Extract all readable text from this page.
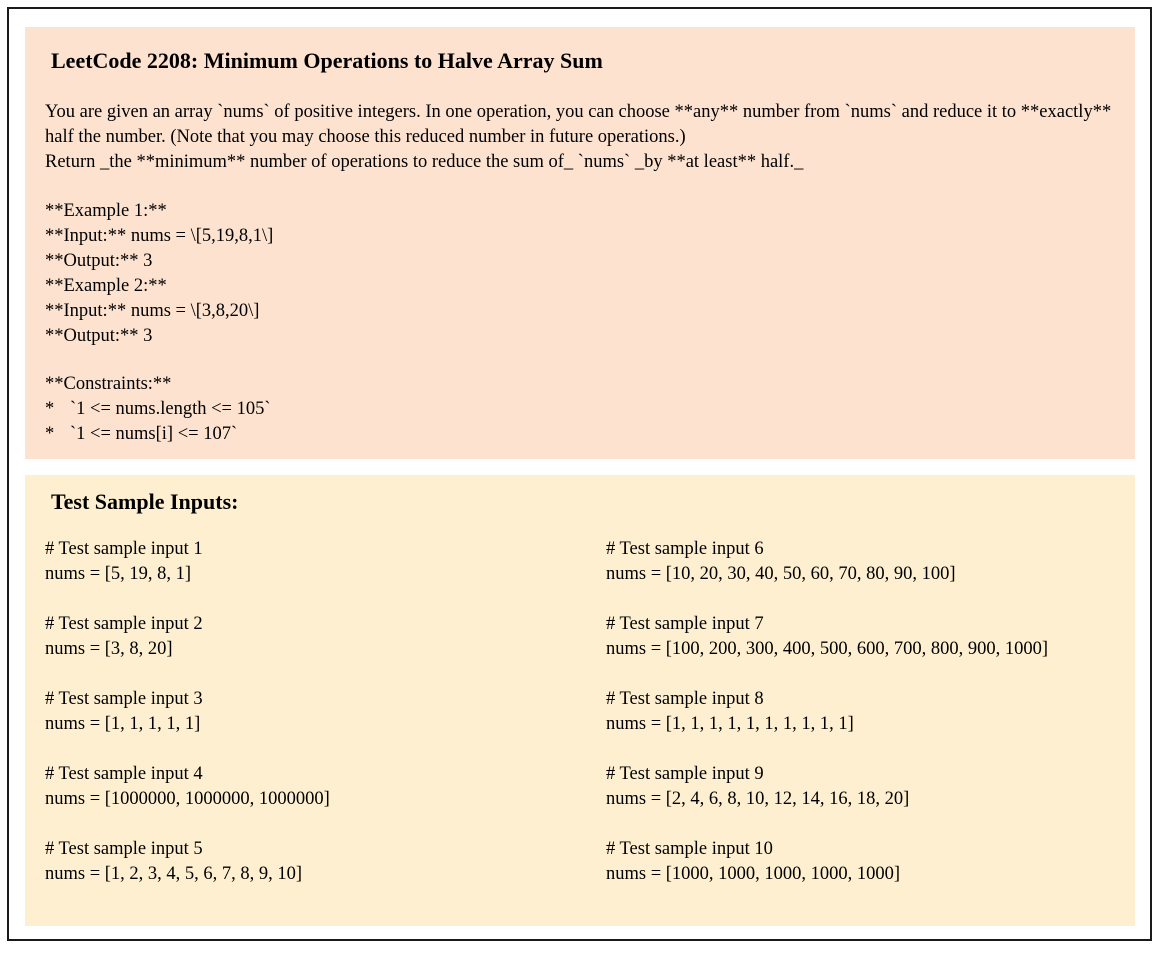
LeetCode 2208: Minimum Operations to Halve Array Sum

You are given an array `nums` of positive integers. In one operation, you can choose **any** number from `nums` and reduce it to **exactly** half the number. (Note that you may choose this reduced number in future operations.)

Return _the **minimum** number of operations to reduce the sum of_ `nums` _by **at least** half._

**Example 1:**
**Input:** nums = \[5,19,8,1\]
**Output:** 3
**Example 2:**
**Input:** nums = \[3,8,20\]
**Output:** 3
**Constraints:**
* `1 <= nums.length <= 105`
* `1 <= nums[i] <= 107`
Test Sample Inputs:
# Test sample input 1
nums = [5, 19, 8, 1]
# Test sample input 2
nums = [3, 8, 20]
# Test sample input 3
nums = [1, 1, 1, 1, 1]
# Test sample input 4
nums = [1000000, 1000000, 1000000]
# Test sample input 5
nums = [1, 2, 3, 4, 5, 6, 7, 8, 9, 10]
# Test sample input 6
nums = [10, 20, 30, 40, 50, 60, 70, 80, 90, 100]
# Test sample input 7
nums = [100, 200, 300, 400, 500, 600, 700, 800, 900, 1000]
# Test sample input 8
nums = [1, 1, 1, 1, 1, 1, 1, 1, 1, 1]
# Test sample input 9
nums = [2, 4, 6, 8, 10, 12, 14, 16, 18, 20]
# Test sample input 10
nums = [1000, 1000, 1000, 1000, 1000]
